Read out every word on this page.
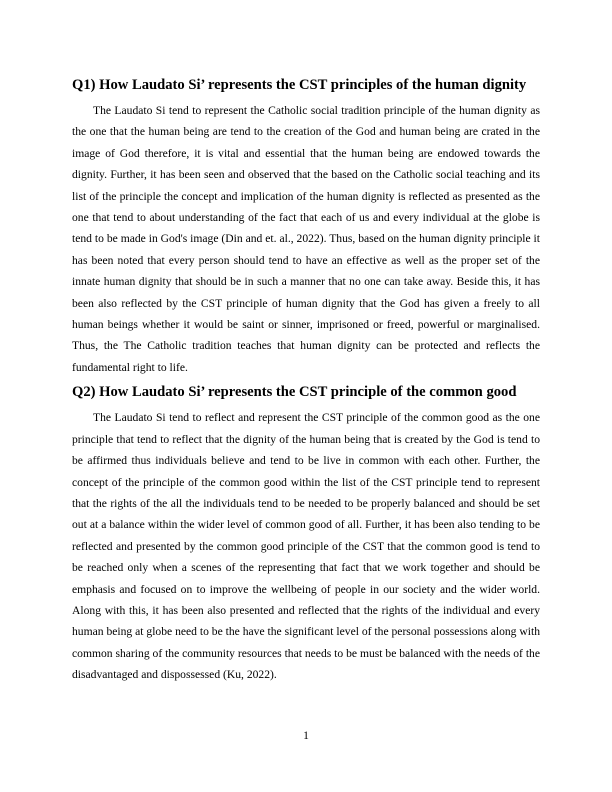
Q1) How Laudato Si’ represents the CST principles of the human dignity

The Laudato Si tend to represent the Catholic social tradition principle of the human dignity as the one that the human being are tend to the creation of the God and human being are crated in the image of God therefore, it is vital and essential that the human being are endowed towards the dignity. Further, it has been seen and observed that the based on the Catholic social teaching and its list of the principle the concept and implication of the human dignity is reflected as presented as the one that tend to about understanding of the fact that each of us and every individual at the globe is tend to be made in God's image (Din and et. al., 2022). Thus, based on the human dignity principle it has been noted that every person should tend to have an effective as well as the proper set of the innate human dignity that should be in such a manner that no one can take away. Beside this, it has been also reflected by the CST principle of human dignity that the God has given a freely to all human beings whether it would be saint or sinner, imprisoned or freed, powerful or marginalised. Thus, the The Catholic tradition teaches that human dignity can be protected and reflects the fundamental right to life.

Q2) How Laudato Si’ represents the CST principle of the common good

The Laudato Si tend to reflect and represent the CST principle of the common good as the one principle that tend to reflect that the dignity of the human being that is created by the God is tend to be affirmed thus individuals believe and tend to be live in common with each other. Further, the concept of the principle of the common good within the list of the CST principle tend to represent that the rights of the all the individuals tend to be needed to be properly balanced and should be set out at a balance within the wider level of common good of all. Further, it has been also tending to be reflected and presented by the common good principle of the CST that the common good is tend to be reached only when a scenes of the representing that fact that we work together and should be emphasis and focused on to improve the wellbeing of people in our society and the wider world. Along with this, it has been also presented and reflected that the rights of the individual and every human being at globe need to be the have the significant level of the personal possessions along with common sharing of the community resources that needs to be must be balanced with the needs of the disadvantaged and dispossessed (Ku, 2022).

1
